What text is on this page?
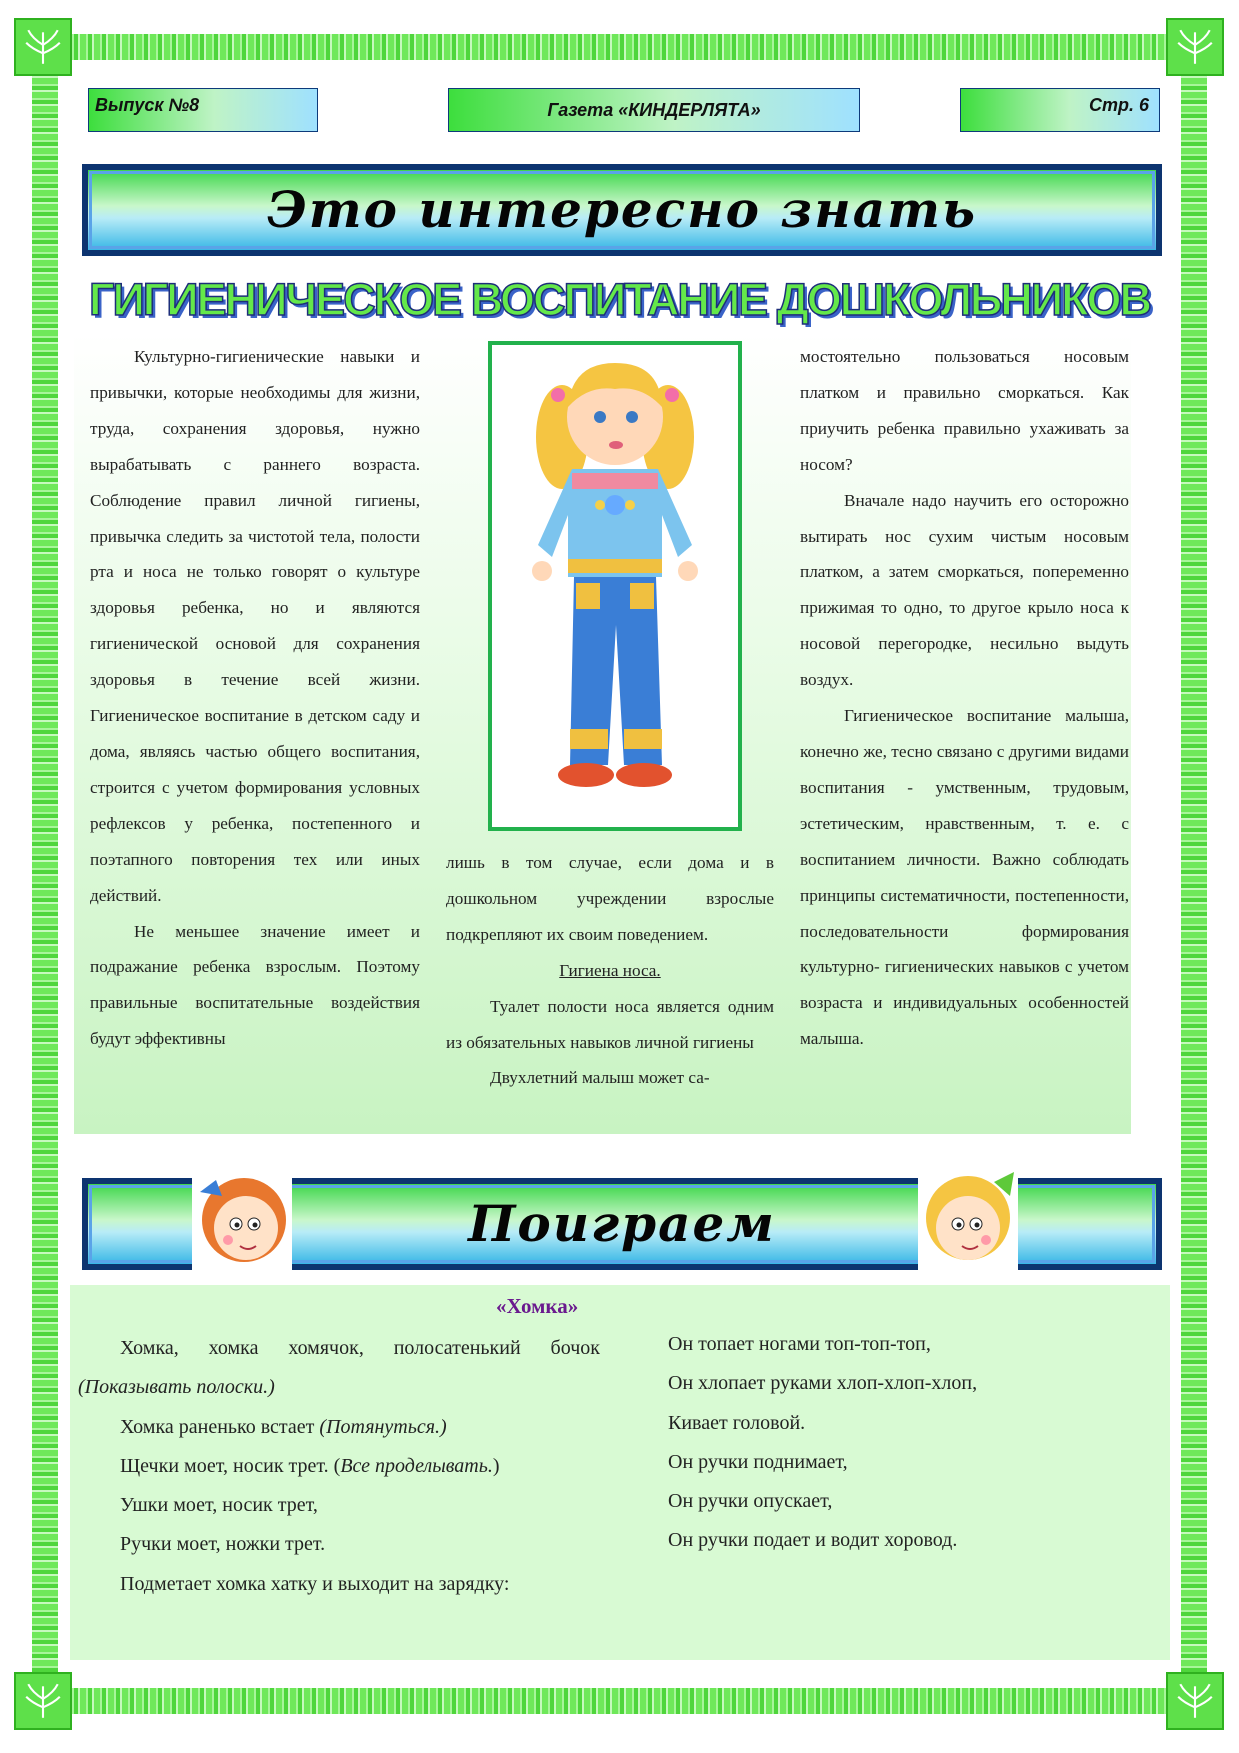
Выпуск №8	Газета «КИНДЕРЛЯТА»	Стр. 6
Это интересно знать
ГИГИЕНИЧЕСКОЕ ВОСПИТАНИЕ ДОШКОЛЬНИКОВ

Культурно-гигиенические навыки и привычки, которые необходимы для жизни, труда, сохранения здоровья, нужно вырабатывать с раннего возраста. Соблюдение правил личной гигиены, привычка следить за чистотой тела, полости рта и носа не только говорят о культуре здоровья ребенка, но и являются гигиенической основой для сохранения здоровья в течение всей жизни. Гигиеническое воспитание в детском саду и дома, являясь частью общего воспитания, строится с учетом формирования условных рефлексов у ребенка, постепенного и поэтапного повторения тех или иных действий.

Не меньшее значение имеет и подражание ребенка взрослым. Поэтому правильные воспитательные воздействия будут эффективны

лишь в том случае, если дома и в дошкольном учреждении взрослые подкрепляют их своим поведением.

Гигиена носа.

Туалет полости носа является одним из обязательных навыков личной гигиены

Двухлетний малыш может са-

мостоятельно пользоваться носовым платком и правильно сморкаться. Как приучить ребенка правильно ухаживать за носом?

Вначале надо научить его осторожно вытирать нос сухим чистым носовым платком, а затем сморкаться, попеременно прижимая то одно, то другое крыло носа к носовой перегородке, несильно выдуть воздух.

Гигиеническое воспитание малыша, конечно же, тесно связано с другими видами воспитания - умственным, трудовым, эстетическим, нравственным, т. е. с воспитанием личности. Важно соблюдать принципы систематичности, постепенности, последовательности формирования культурно- гигиенических навыков с учетом возраста и индивидуальных особенностей малыша.

Поиграем
«Хомка»
Хомка, хомка хомячок, полосатенький бочок
(Показывать полоски.)
Хомка раненько встает (Потянуться.)
Щечки моет, носик трет. (Все проделывать.)
Ушки моет, носик трет,
Ручки моет, ножки трет.
Подметает хомка хатку и выходит на зарядку:
Он топает ногами топ-топ-топ,
Он хлопает руками хлоп-хлоп-хлоп,
Кивает головой.
Он ручки поднимает,
Он ручки опускает,
Он ручки подает и водит хоровод.
